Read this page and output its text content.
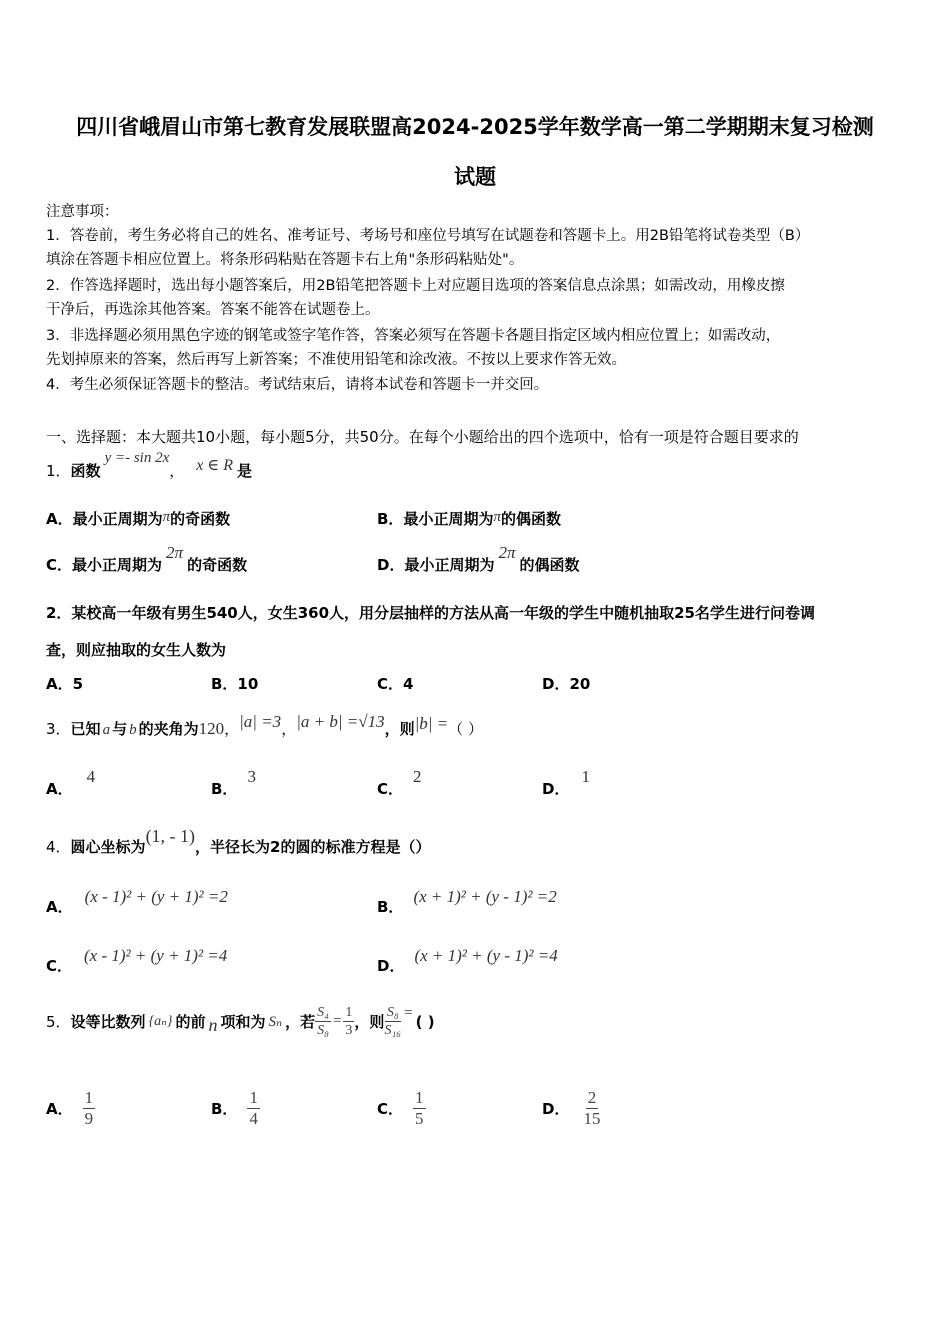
四川省峨眉山市第七教育发展联盟高2024-2025学年数学高一第二学期期末复习检测
试题
注意事项：
1．答卷前，考生务必将自己的姓名、准考证号、考场号和座位号填写在试题卷和答题卡上。用2B铅笔将试卷类型（B）
填涂在答题卡相应位置上。将条形码粘贴在答题卡右上角"条形码粘贴处"。
2．作答选择题时，选出每小题答案后，用2B铅笔把答题卡上对应题目选项的答案信息点涂黑；如需改动，用橡皮擦
干净后，再选涂其他答案。答案不能答在试题卷上。
3．非选择题必须用黑色字迹的钢笔或签字笔作答，答案必须写在答题卡各题目指定区域内相应位置上；如需改动，
先划掉原来的答案，然后再写上新答案；不准使用铅笔和涂改液。不按以上要求作答无效。
4．考生必须保证答题卡的整洁。考试结束后，请将本试卷和答题卡一并交回。
一、选择题：本大题共10小题，每小题5分，共50分。在每个小题给出的四个选项中，恰有一项是符合题目要求的
1．函数y =- sin 2x， x ∈ R 是
A．最小正周期为π的奇函数	B．最小正周期为π的偶函数
C．最小正周期为2π的奇函数	D．最小正周期为2π的偶函数
2．某校高一年级有男生540人，女生360人，用分层抽样的方法从高一年级的学生中随机抽取25名学生进行问卷调
查，则应抽取的女生人数为
A．5	B．10	C．4	D．20
3．已知 a 与 b 的夹角为120，|a| =3，|a + b| =√13，则|b| =（ ）
A．4
B．3
C．2
D．1
4．圆心坐标为(1, - 1)，半径长为2的圆的标准方程是（）
A．(x - 1)² + (y + 1)² =2
B．(x + 1)² + (y - 1)² =2
C．(x - 1)² + (y + 1)² =4
D．(x + 1)² + (y - 1)² =4
5． 设等比数列 {aₙ} 的前 n 项和为 Sₙ ，若 $\frac{\text{S₄}}{\text{S₈}} = \frac{1}{3}$ ，则 $\frac{\text{S₈}}{\text{S₁₆}}$ = ( )
A． $\frac{1}{9}$	B． $\frac{1}{4}$	C． $\frac{1}{5}$	D． $\frac{2}{15}$
